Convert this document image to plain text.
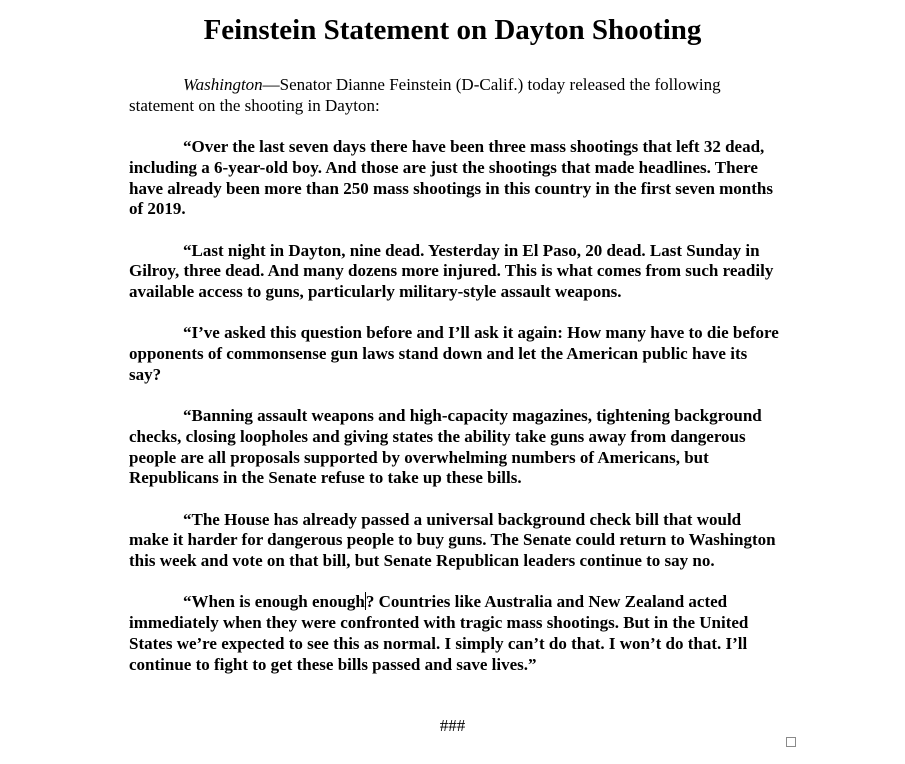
Feinstein Statement on Dayton Shooting

Washington—Senator Dianne Feinstein (D-Calif.) today released the following statement on the shooting in Dayton:

“Over the last seven days there have been three mass shootings that left 32 dead, including a 6-year-old boy. And those are just the shootings that made headlines. There have already been more than 250 mass shootings in this country in the first seven months of 2019.

“Last night in Dayton, nine dead. Yesterday in El Paso, 20 dead. Last Sunday in Gilroy, three dead. And many dozens more injured. This is what comes from such readily available access to guns, particularly military-style assault weapons.

“I’ve asked this question before and I’ll ask it again: How many have to die before opponents of commonsense gun laws stand down and let the American public have its say?

“Banning assault weapons and high-capacity magazines, tightening background checks, closing loopholes and giving states the ability take guns away from dangerous people are all proposals supported by overwhelming numbers of Americans, but Republicans in the Senate refuse to take up these bills.

“The House has already passed a universal background check bill that would make it harder for dangerous people to buy guns. The Senate could return to Washington this week and vote on that bill, but Senate Republican leaders continue to say no.

“When is enough enough? Countries like Australia and New Zealand acted immediately when they were confronted with tragic mass shootings. But in the United States we’re expected to see this as normal. I simply can’t do that. I won’t do that. I’ll continue to fight to get these bills passed and save lives.”

###
